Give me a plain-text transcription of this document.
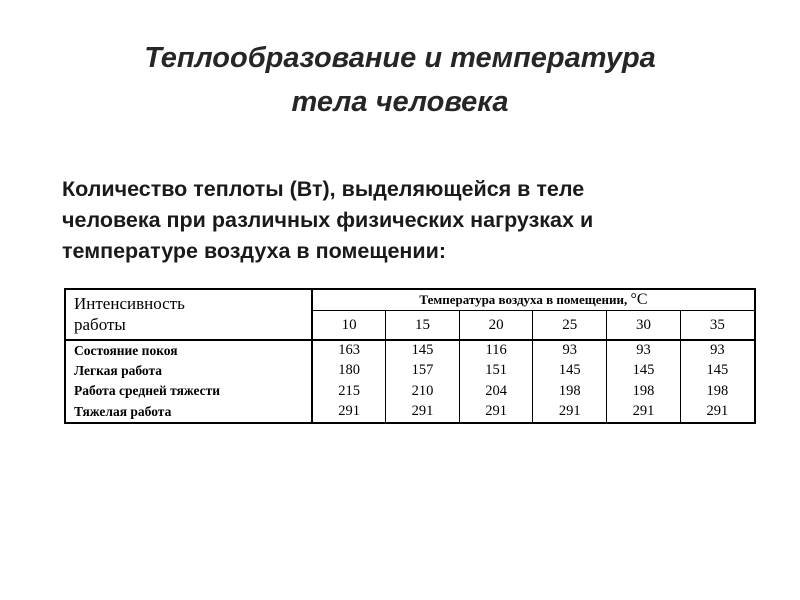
Теплообразование и температура
тела человека
Количество теплоты (Вт), выделяющейся в теле
человека при различных физических нагрузках и
температуре воздуха в помещении:
Интенсивность
работы	Температура воздуха в помещении, °С					
	10	15	20	25	30	35
Состояние покоя	163	145	116	93	93	93
Легкая работа	180	157	151	145	145	145
Работа средней тяжести	215	210	204	198	198	198
Тяжелая работа	291	291	291	291	291	291
